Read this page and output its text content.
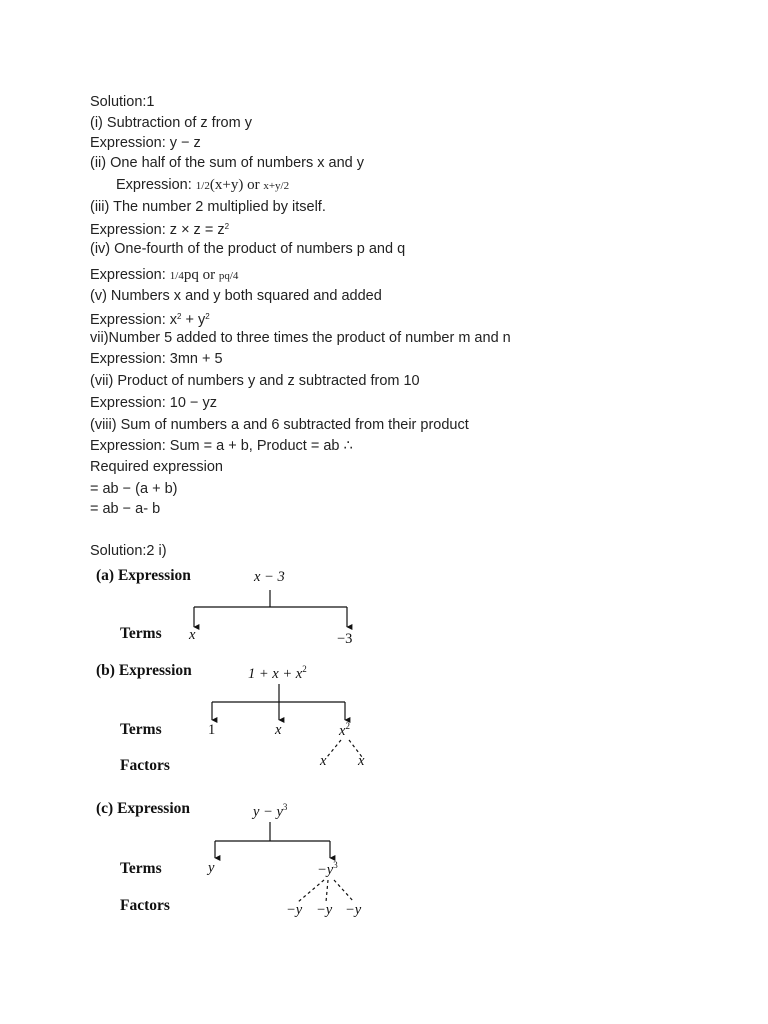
Solution:1
(i) Subtraction of z from y
Expression: y − z
(ii) One half of the sum of numbers x and y
Expression: 1/2(x+y) or x+y/2
(iii) The number 2 multiplied by itself.
Expression: $z \times z = z^2$
(iv) One-fourth of the product of numbers p and q
Expression: 1/4pq or pq/4
(v) Numbers x and y both squared and added
Expression: $x^2 + y^2$
vii)Number 5 added to three times the product of number m and n
Expression: 3mn + 5
(vii) Product of numbers y and z subtracted from 10
Expression: 10 − yz
(viii) Sum of numbers a and 6 subtracted from their product
Expression: Sum = a + b, Product = ab ∴
Required expression
= ab − (a + b)
= ab − a- b
Solution:2 i)
(a) Expression	x − 3
Terms x	−3
(b) Expression	$1 + x + x^2$
Terms	1	x	$x^2$
Factors	x x
(c) Expression	$y - y^3$
Terms	y	$-y^3$
Factors	−y −y −y
